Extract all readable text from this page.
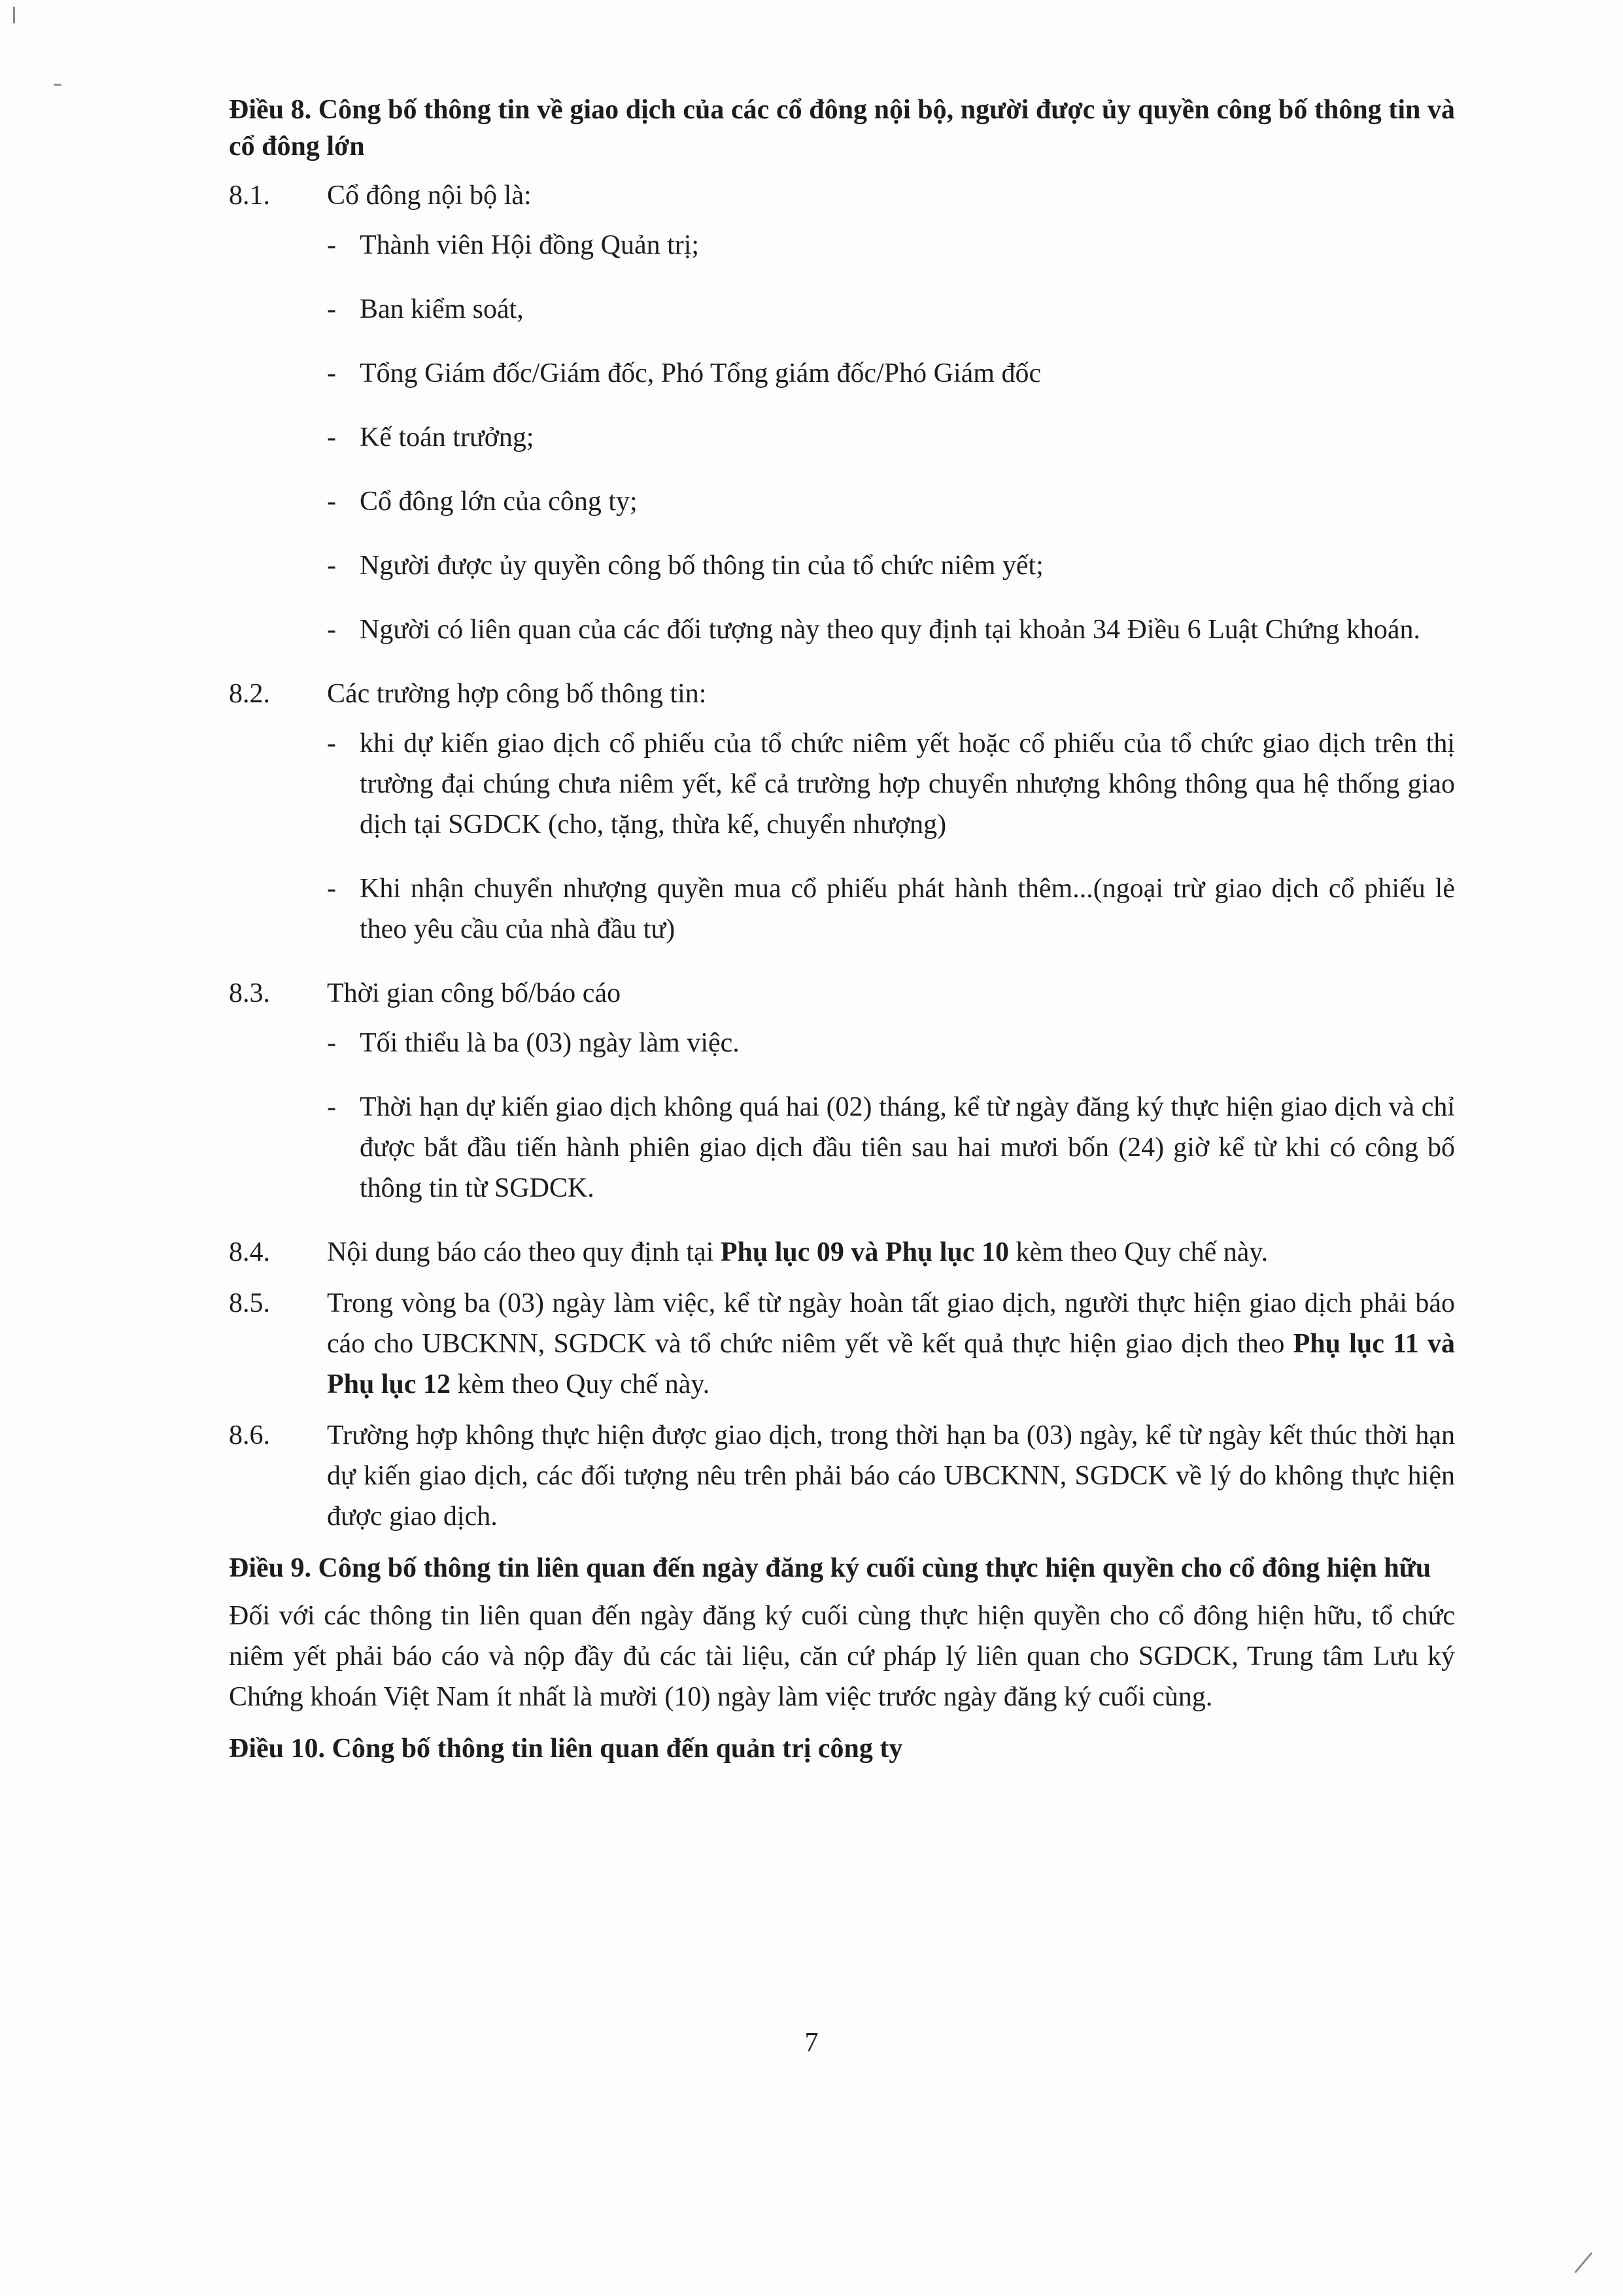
Điều 8. Công bố thông tin về giao dịch của các cổ đông nội bộ, người được ủy quyền công bố thông tin và cổ đông lớn
8.1.	Cổ đông nội bộ là:
- Thành viên Hội đồng Quản trị;
- Ban kiểm soát,
- Tổng Giám đốc/Giám đốc, Phó Tổng giám đốc/Phó Giám đốc
- Kế toán trưởng;
- Cổ đông lớn của công ty;
- Người được ủy quyền công bố thông tin của tổ chức niêm yết;
- Người có liên quan của các đối tượng này theo quy định tại khoản 34 Điều 6 Luật Chứng khoán.
8.2.	Các trường hợp công bố thông tin:
- khi dự kiến giao dịch cổ phiếu của tổ chức niêm yết hoặc cổ phiếu của tổ chức giao dịch trên thị trường đại chúng chưa niêm yết, kể cả trường hợp chuyển nhượng không thông qua hệ thống giao dịch tại SGDCK (cho, tặng, thừa kế, chuyển nhượng)
- Khi nhận chuyển nhượng quyền mua cổ phiếu phát hành thêm...(ngoại trừ giao dịch cổ phiếu lẻ theo yêu cầu của nhà đầu tư)
8.3.	Thời gian công bố/báo cáo
- Tối thiểu là ba (03) ngày làm việc.
- Thời hạn dự kiến giao dịch không quá hai (02) tháng, kể từ ngày đăng ký thực hiện giao dịch và chỉ được bắt đầu tiến hành phiên giao dịch đầu tiên sau hai mươi bốn (24) giờ kể từ khi có công bố thông tin từ SGDCK.
8.4.	Nội dung báo cáo theo quy định tại Phụ lục 09 và Phụ lục 10 kèm theo Quy chế này.
8.5.	Trong vòng ba (03) ngày làm việc, kể từ ngày hoàn tất giao dịch, người thực hiện giao dịch phải báo cáo cho UBCKNN, SGDCK và tổ chức niêm yết về kết quả thực hiện giao dịch theo Phụ lục 11 và Phụ lục 12 kèm theo Quy chế này.
8.6.	Trường hợp không thực hiện được giao dịch, trong thời hạn ba (03) ngày, kể từ ngày kết thúc thời hạn dự kiến giao dịch, các đối tượng nêu trên phải báo cáo UBCKNN, SGDCK về lý do không thực hiện được giao dịch.
Điều 9. Công bố thông tin liên quan đến ngày đăng ký cuối cùng thực hiện quyền cho cổ đông hiện hữu
Đối với các thông tin liên quan đến ngày đăng ký cuối cùng thực hiện quyền cho cổ đông hiện hữu, tổ chức niêm yết phải báo cáo và nộp đầy đủ các tài liệu, căn cứ pháp lý liên quan cho SGDCK, Trung tâm Lưu ký Chứng khoán Việt Nam ít nhất là mười (10) ngày làm việc trước ngày đăng ký cuối cùng.
Điều 10. Công bố thông tin liên quan đến quản trị công ty
7
